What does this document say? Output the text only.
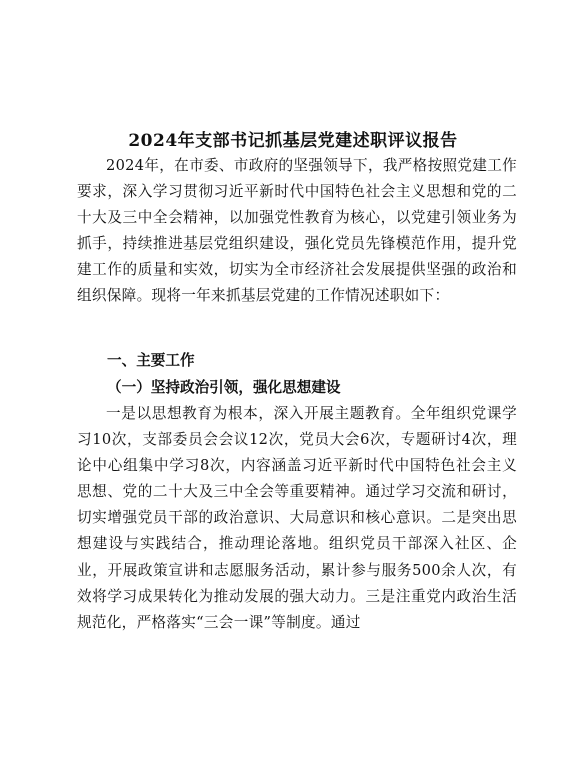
2024年支部书记抓基层党建述职评议报告

2024年，在市委、市政府的坚强领导下，我严格按照党建工作要求，深入学习贯彻习近平新时代中国特色社会主义思想和党的二十大及三中全会精神，以加强党性教育为核心，以党建引领业务为抓手，持续推进基层党组织建设，强化党员先锋模范作用，提升党建工作的质量和实效，切实为全市经济社会发展提供坚强的政治和组织保障。现将一年来抓基层党建的工作情况述职如下：

一、主要工作
（一）坚持政治引领，强化思想建设

一是以思想教育为根本，深入开展主题教育。全年组织党课学习10次，支部委员会会议12次，党员大会6次，专题研讨4次，理论中心组集中学习8次，内容涵盖习近平新时代中国特色社会主义思想、党的二十大及三中全会等重要精神。通过学习交流和研讨，切实增强党员干部的政治意识、大局意识和核心意识。二是突出思想建设与实践结合，推动理论落地。组织党员干部深入社区、企业，开展政策宣讲和志愿服务活动，累计参与服务500余人次，有效将学习成果转化为推动发展的强大动力。三是注重党内政治生活规范化，严格落实“三会一课”等制度。通过
